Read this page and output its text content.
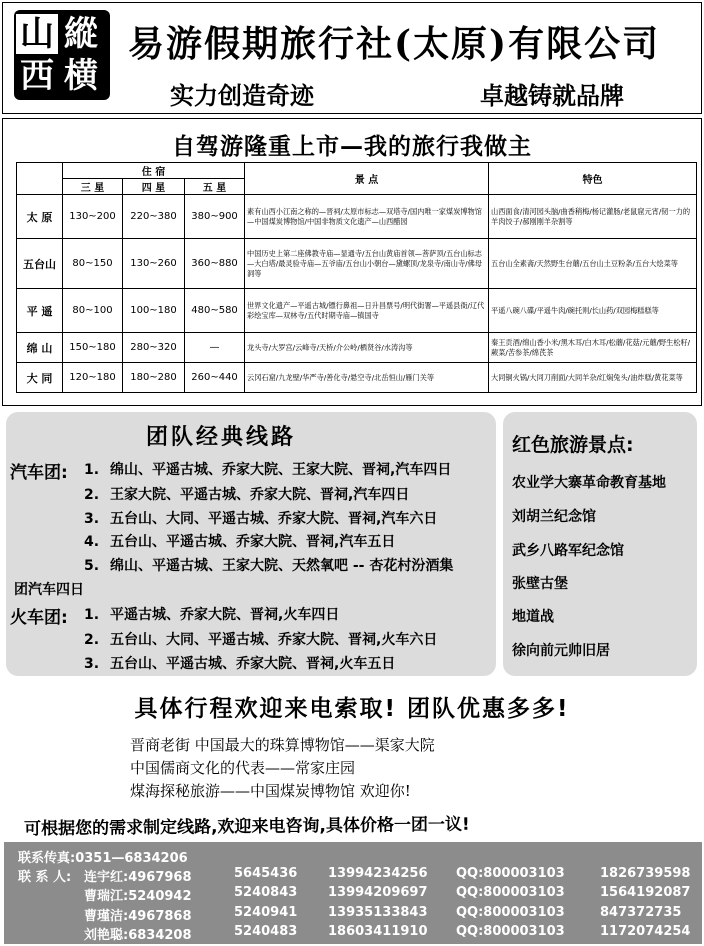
山 縱
西 横
易游假期旅行社(太原)有限公司
实力创造奇迹	卓越铸就品牌
自驾游隆重上市—我的旅行我做主
	住 宿			景 点	特色
	三 星	四 星	五 星		
太 原	130~200	220~380	380~900	素有山西小江南之称的—晋祠/太原市标志—双塔寺/国内唯一家煤炭博物馆—中国煤炭博物馆/中国非物质文化遗产—山西醋园	山西面食/清河园头脑/曲香稍梅/杨记灌肠/老鼠窟元宵/韧一力的羊肉饺子/郝刚刚羊杂割等
五台山	80~150	130~260	360~880	中国历史上第二座佛教寺庙—显通寺/五台山黄庙首领—菩萨顶/五台山标志—大白塔/最灵验寺庙—五爷庙/五台山小朝台—黛螺顶/龙泉寺/南山寺/佛母洞等	五台山全素斋/天然野生台蘑/五台山土豆粉条/五台大烩菜等
平 遥	80~100	100~180	480~580	世界文化遗产—平遥古城/镖行鼻祖—日升昌票号/明代街署—平遥县衙/辽代彩绘宝库—双林寺/五代时期寺庙—镇国寺	平遥八碗八碟/平遥牛肉/碗托则/长山药/双园梅糕糕等
绵 山	150~180	280~320	—	龙头寺/大罗宫/云峰寺/天桥/介公岭/栖贤谷/水涛沟等	秦王贡酒/绵山香小米/黑木耳/白木耳/松蘑/花菇/元蘑/野生松籽/蕨菜/苦参茶/绵芪茶
大 同	120~180	180~280	260~440	云冈石窟/九龙壁/华严寺/善化寺/悬空寺/北岳恒山/雁门关等	大同铜火锅/大同刀削面/大同羊杂/红焖兔头/油炸糕/黄花菜等
团队经典线路
汽车团: 1. 绵山、平遥古城、乔家大院、王家大院、晋祠,汽车四日
2. 王家大院、平遥古城、乔家大院、晋祠,汽车四日
3. 五台山、大同、平遥古城、乔家大院、晋祠,汽车六日
4. 五台山、平遥古城、乔家大院、晋祠,汽车五日
5. 绵山、平遥古城、王家大院、天然氧吧 -- 杏花村汾酒集
团汽车四日
火车团: 1. 平遥古城、乔家大院、晋祠,火车四日
2. 五台山、大同、平遥古城、乔家大院、晋祠,火车六日
3. 五台山、平遥古城、乔家大院、晋祠,火车五日
红色旅游景点:
农业学大寨革命教育基地
刘胡兰纪念馆
武乡八路军纪念馆
张壁古堡
地道战
徐向前元帅旧居
具体行程欢迎来电索取! 团队优惠多多!
晋商老街 中国最大的珠算博物馆——渠家大院
中国儒商文化的代表——常家庄园
煤海探秘旅游——中国煤炭博物馆 欢迎你!
可根据您的需求制定线路,欢迎来电咨询,具体价格一团一议!
联系传真:0351—6834206
联 系 人: 连宇红:4967968	5645436 13994234256 QQ:800003103	1826739598
曹瑞江:5240942	5240843 13994209697 QQ:800003103	1564192087
曹瑾洁:4967868	5240941 13935133843 QQ:800003103	847372735
刘艳聪:6834208	5240483 18603411910 QQ:800003103	1172074254
